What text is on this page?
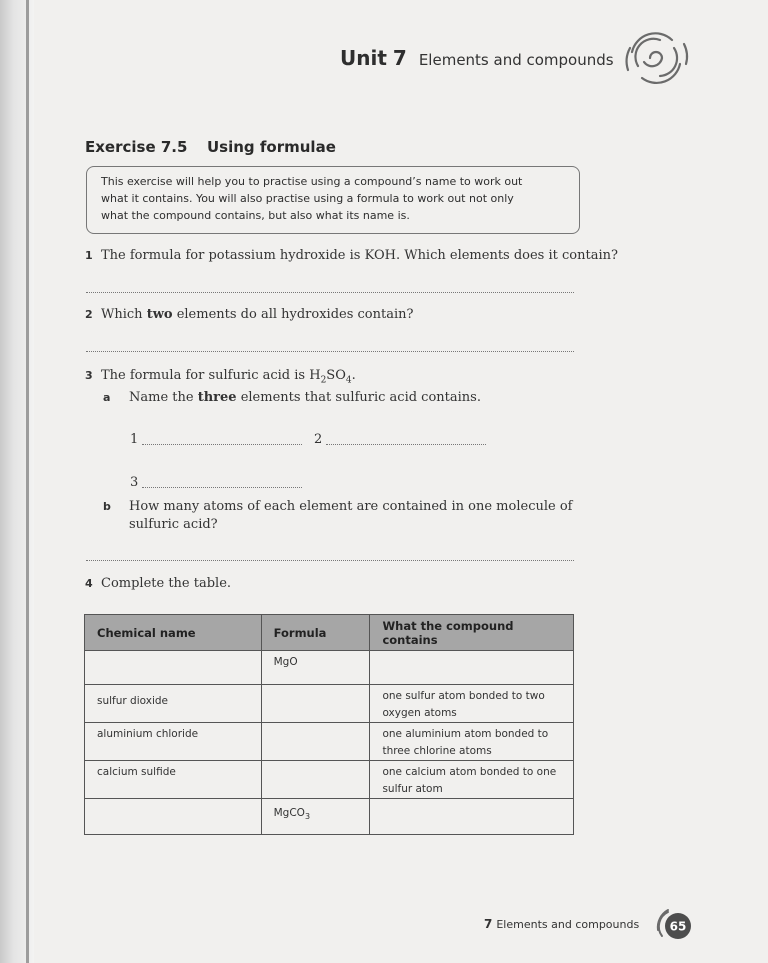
Unit 7 Elements and compounds
Exercise 7.5	Using formulae
This exercise will help you to practise using a compound’s name to work out
what it contains. You will also practise using a formula to work out not only
what the compound contains, but also what its name is.
1 The formula for potassium hydroxide is KOH. Which elements does it contain?
2 Which two elements do all hydroxides contain?
3 The formula for sulfuric acid is $H_2SO_4$.
a Name the three elements that sulfuric acid contains.
1	2
3
b How many atoms of each element are contained in one molecule of
sulfuric acid?
4 Complete the table.
Chemical name	Formula	What the compound contains
	MgO	

sulfur dioxide		one sulfur atom bonded to two
oxygen atoms

aluminium chloride		one aluminium atom bonded to
three chlorine atoms

calcium sulfide		one calcium atom bonded to one
sulfur atom

	MgCO$_3$	
7 Elements and compounds	65
